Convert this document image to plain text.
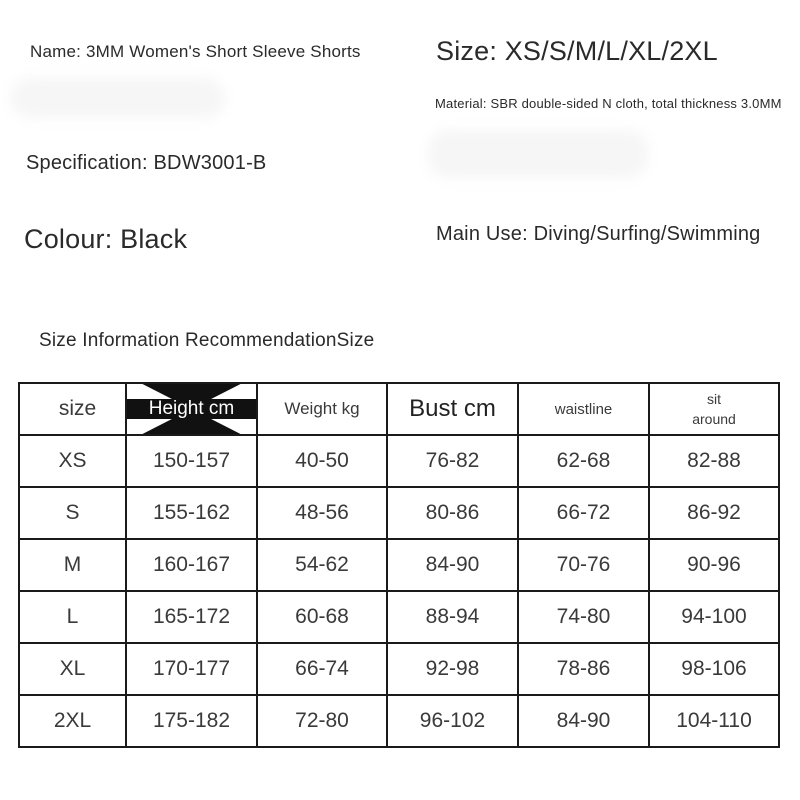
Name: 3MM Women's Short Sleeve Shorts	Size: XS/S/M/L/XL/2XL
Material: SBR double-sided N cloth, total thickness 3.0MM
Specification: BDW3001-B
Colour: Black	Main Use: Diving/Surfing/Swimming
Size Information RecommendationSize
size	Height cm	Weight kg	Bust cm	waistline	sit
around

XS	150-157	40-50	76-82	62-68	82-88
S	155-162	48-56	80-86	66-72	86-92
M	160-167	54-62	84-90	70-76	90-96
L	165-172	60-68	88-94	74-80	94-100
XL	170-177	66-74	92-98	78-86	98-106
2XL	175-182	72-80	96-102	84-90	104-110
